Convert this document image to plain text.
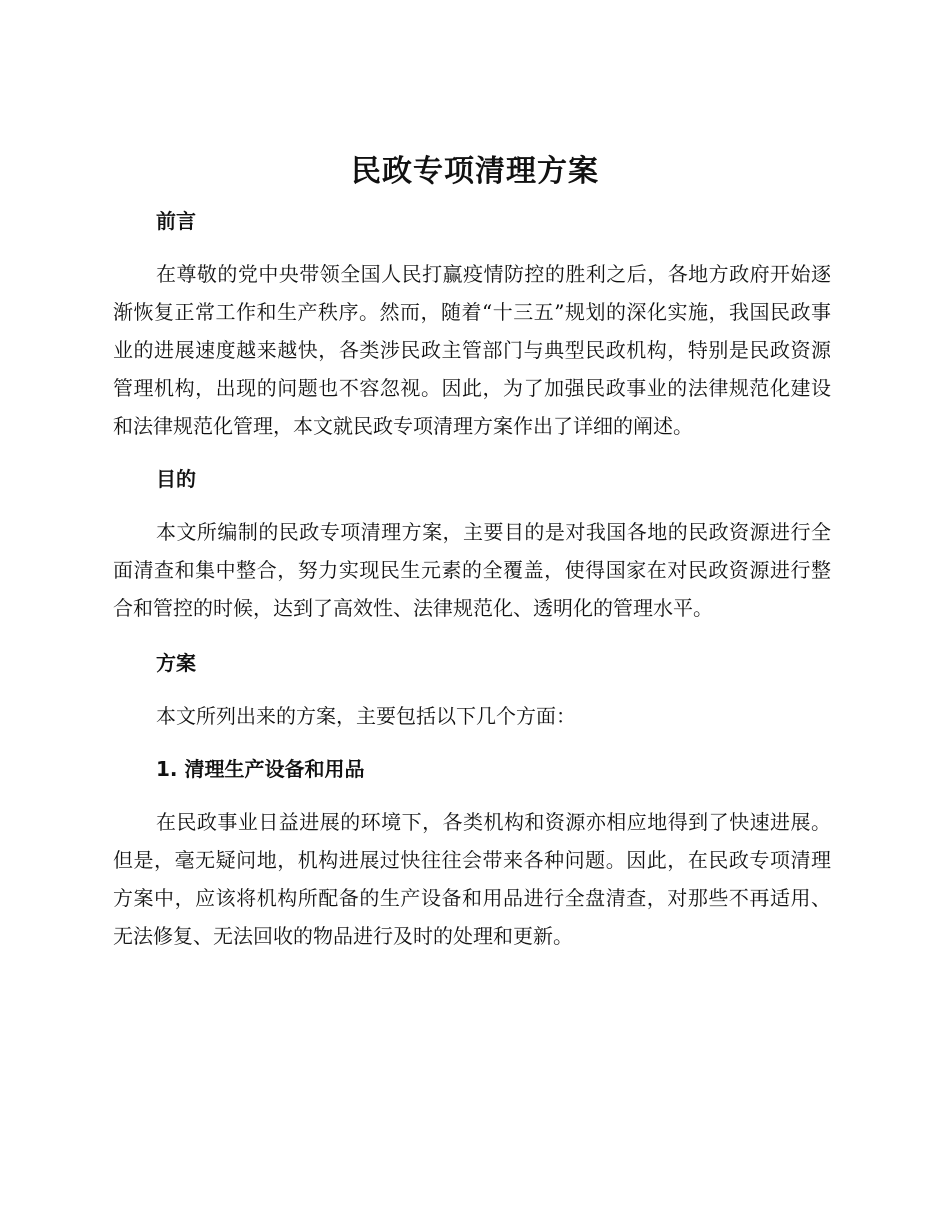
民政专项清理方案
前言

在尊敬的党中央带领全国人民打赢疫情防控的胜利之后，各地方政府开始逐渐恢复正常工作和生产秩序。然而，随着“十三五”规划的深化实施，我国民政事业的进展速度越来越快，各类涉民政主管部门与典型民政机构，特别是民政资源管理机构，出现的问题也不容忽视。因此，为了加强民政事业的法律规范化建设和法律规范化管理，本文就民政专项清理方案作出了详细的阐述。

目的

本文所编制的民政专项清理方案，主要目的是对我国各地的民政资源进行全面清查和集中整合，努力实现民生元素的全覆盖，使得国家在对民政资源进行整合和管控的时候，达到了高效性、法律规范化、透明化的管理水平。

方案

本文所列出来的方案，主要包括以下几个方面：

1. 清理生产设备和用品

在民政事业日益进展的环境下，各类机构和资源亦相应地得到了快速进展。但是，毫无疑问地，机构进展过快往往会带来各种问题。因此，在民政专项清理方案中，应该将机构所配备的生产设备和用品进行全盘清查，对那些不再适用、无法修复、无法回收的物品进行及时的处理和更新。
